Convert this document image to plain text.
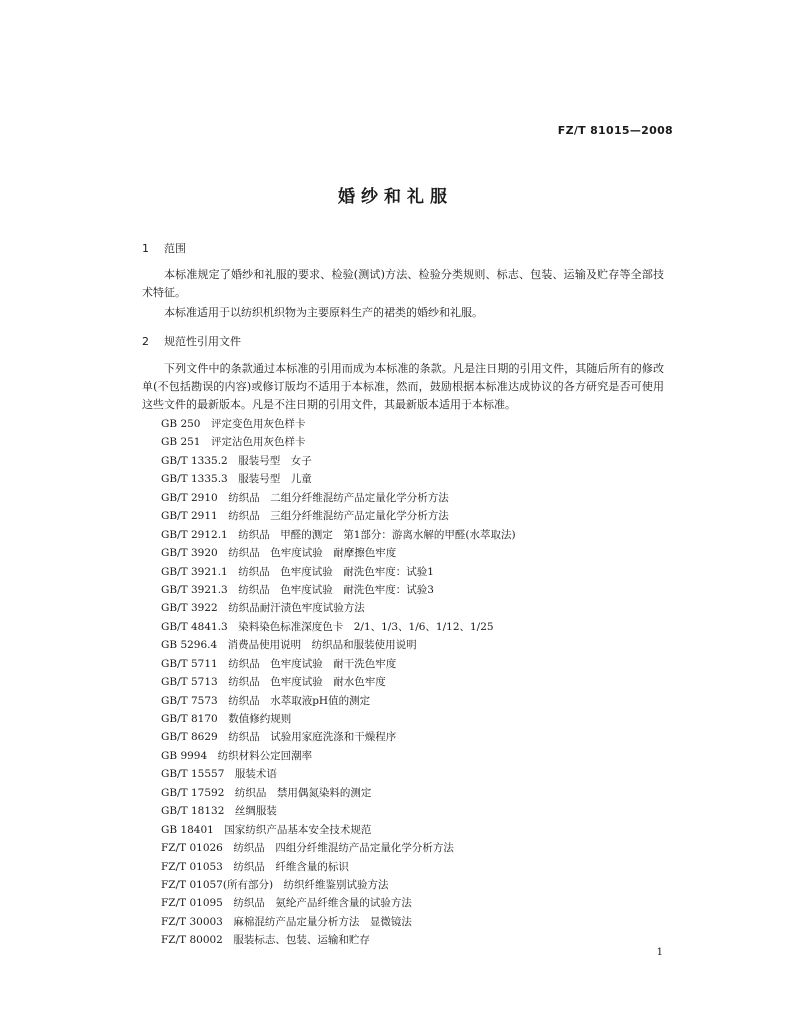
FZ/T 81015—2008
婚纱和礼服
1 范围

本标准规定了婚纱和礼服的要求、检验(测试)方法、检验分类规则、标志、包装、运输及贮存等全部技术特征。

本标准适用于以纺织机织物为主要原料生产的裙类的婚纱和礼服。

2 规范性引用文件

下列文件中的条款通过本标准的引用而成为本标准的条款。凡是注日期的引用文件，其随后所有的修改单(不包括勘误的内容)或修订版均不适用于本标准，然而，鼓励根据本标准达成协议的各方研究是否可使用这些文件的最新版本。凡是不注日期的引用文件，其最新版本适用于本标准。

GB 250　评定变色用灰色样卡
GB 251　评定沾色用灰色样卡
GB/T 1335.2　服装号型　女子
GB/T 1335.3　服装号型　儿童
GB/T 2910　纺织品　二组分纤维混纺产品定量化学分析方法
GB/T 2911　纺织品　三组分纤维混纺产品定量化学分析方法
GB/T 2912.1　纺织品　甲醛的测定　第1部分：游离水解的甲醛(水萃取法)
GB/T 3920　纺织品　色牢度试验　耐摩擦色牢度
GB/T 3921.1　纺织品　色牢度试验　耐洗色牢度：试验1
GB/T 3921.3　纺织品　色牢度试验　耐洗色牢度：试验3
GB/T 3922　纺织品耐汗渍色牢度试验方法
GB/T 4841.3　染料染色标准深度色卡　2/1、1/3、1/6、1/12、1/25
GB 5296.4　消费品使用说明　纺织品和服装使用说明
GB/T 5711　纺织品　色牢度试验　耐干洗色牢度
GB/T 5713　纺织品　色牢度试验　耐水色牢度
GB/T 7573　纺织品　水萃取液pH值的测定
GB/T 8170　数值修约规则
GB/T 8629　纺织品　试验用家庭洗涤和干燥程序
GB 9994　纺织材料公定回潮率
GB/T 15557　服装术语
GB/T 17592　纺织品　禁用偶氮染料的测定
GB/T 18132　丝绸服装
GB 18401　国家纺织产品基本安全技术规范
FZ/T 01026　纺织品　四组分纤维混纺产品定量化学分析方法
FZ/T 01053　纺织品　纤维含量的标识
FZ/T 01057(所有部分)　纺织纤维鉴别试验方法
FZ/T 01095　纺织品　氨纶产品纤维含量的试验方法
FZ/T 30003　麻棉混纺产品定量分析方法　显微镜法
FZ/T 80002　服装标志、包装、运输和贮存
1
